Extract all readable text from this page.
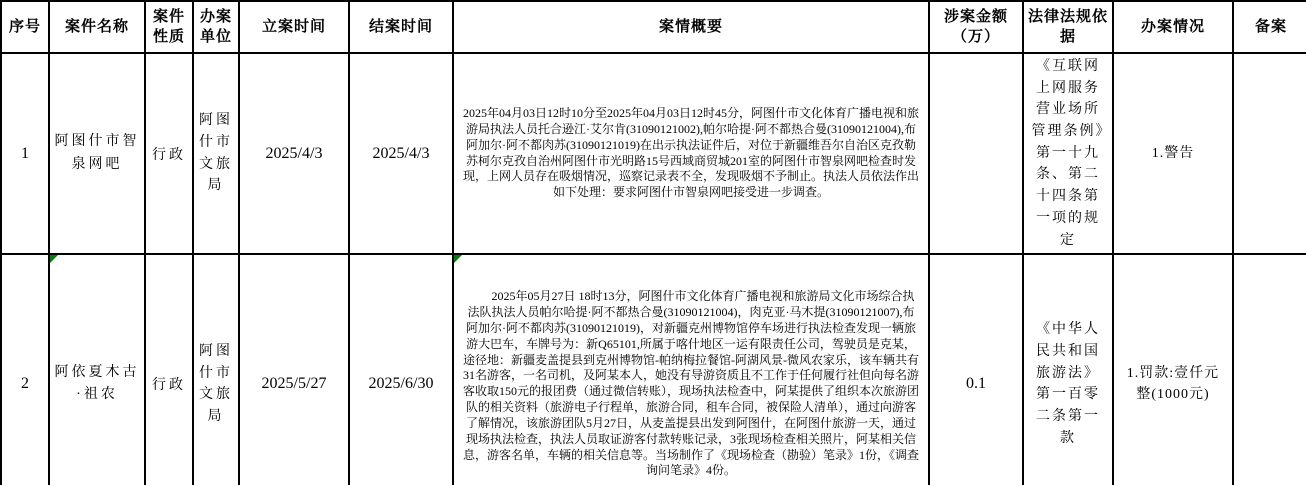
序号	案件名称	案件性质	办案单位	立案时间	结案时间	案情概要	涉案金额（万）	法律法规依据	办案情况	备案
1	阿图什市智泉网吧	行政	阿图什市文旅局	2025/4/3	2025/4/3	2025年04月03日12时10分至2025年04月03日12时45分，阿图什市文化体育广播电视和旅游局执法人员托合逊江·艾尔肯(31090121002),帕尔哈提·阿不都热合曼(31090121004),布阿加尔·阿不都肉苏(31090121019)在出示执法证件后，对位于新疆维吾尔自治区克孜勒苏柯尔克孜自治州阿图什市光明路15号西域商贸城201室的阿图什市智泉网吧检查时发现，上网人员存在吸烟情况，巡察记录表不全，发现吸烟不予制止。执法人员依法作出如下处理：要求阿图什市智泉网吧接受进一步调查。		《互联网上网服务营业场所管理条例》第一十九条、第二十四条第一项的规定	1.警告	
2	阿依夏木古·祖农	行政	阿图什市文旅局	2025/5/27	2025/6/30	　　2025年05月27日 18时13分，阿图什市文化体育广播电视和旅游局文化市场综合执法队执法人员帕尔哈提·阿不都热合曼(31090121004)，肉克亚·马木提(31090121007),布阿加尔·阿不都肉苏(31090121019)，对新疆克州博物馆停车场进行执法检查发现一辆旅游大巴车，车牌号为：新Q65101,所属于喀什地区一运有限责任公司，驾驶员是克某，途径地：新疆麦盖提县到克州博物馆-帕纳梅拉餐馆-阿湖风景-微风农家乐，该车辆共有31名游客，一名司机，及阿某本人，她没有导游资质且不工作于任何履行社但向每名游客收取150元的报团费（通过微信转账），现场执法检查中，阿某提供了组织本次旅游团队的相关资料（旅游电子行程单，旅游合同，租车合同，被保险人清单），通过向游客了解情况，该旅游团队5月27日，从麦盖提县出发到阿图什，在阿图什旅游一天，通过现场执法检查，执法人员取证游客付款转账记录，3张现场检查相关照片，阿某相关信息，游客名单，车辆的相关信息等。当场制作了《现场检查（勘验）笔录》1份，《调查询问笔录》4份。	0.1	《中华人民共和国旅游法》第一百零二条第一款	1.罚款:壹仟元整(1000元)	
